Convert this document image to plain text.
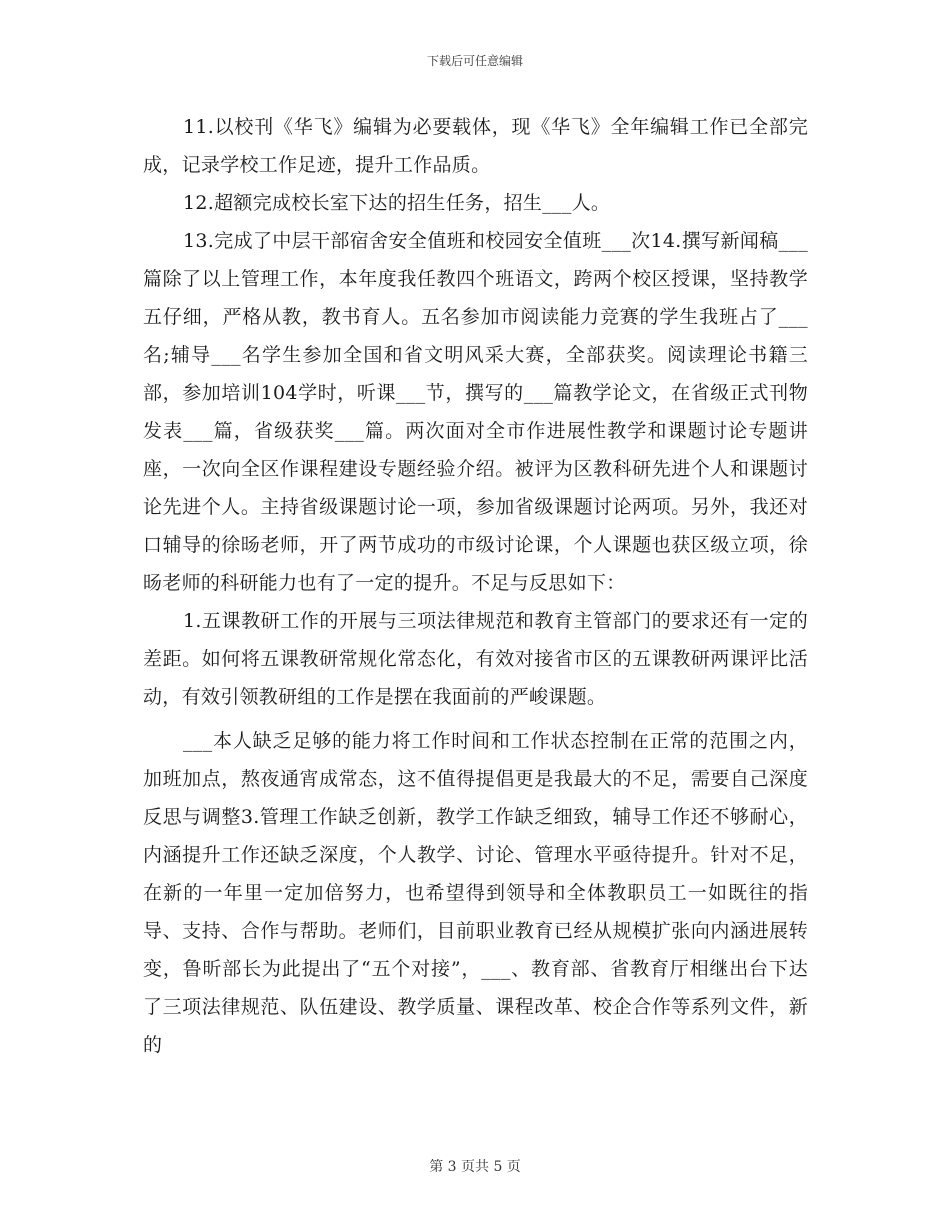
下载后可任意编辑

11.以校刊《华飞》编辑为必要载体，现《华飞》全年编辑工作已全部完成，记录学校工作足迹，提升工作品质。

12.超额完成校长室下达的招生任务，招生___人。

13.完成了中层干部宿舍安全值班和校园安全值班___次14.撰写新闻稿___篇除了以上管理工作，本年度我任教四个班语文，跨两个校区授课，坚持教学五仔细，严格从教，教书育人。五名参加市阅读能力竞赛的学生我班占了___名;辅导___名学生参加全国和省文明风采大赛，全部获奖。阅读理论书籍三部，参加培训104学时，听课___节，撰写的___篇教学论文，在省级正式刊物发表___篇，省级获奖___篇。两次面对全市作进展性教学和课题讨论专题讲座，一次向全区作课程建设专题经验介绍。被评为区教科研先进个人和课题讨论先进个人。主持省级课题讨论一项，参加省级课题讨论两项。另外，我还对口辅导的徐旸老师，开了两节成功的市级讨论课，个人课题也获区级立项，徐旸老师的科研能力也有了一定的提升。不足与反思如下：

1.五课教研工作的开展与三项法律规范和教育主管部门的要求还有一定的差距。如何将五课教研常规化常态化，有效对接省市区的五课教研两课评比活动，有效引领教研组的工作是摆在我面前的严峻课题。

___本人缺乏足够的能力将工作时间和工作状态控制在正常的范围之内，加班加点，熬夜通宵成常态，这不值得提倡更是我最大的不足，需要自己深度反思与调整3.管理工作缺乏创新，教学工作缺乏细致，辅导工作还不够耐心，内涵提升工作还缺乏深度，个人教学、讨论、管理水平亟待提升。针对不足，在新的一年里一定加倍努力，也希望得到领导和全体教职员工一如既往的指导、支持、合作与帮助。老师们，目前职业教育已经从规模扩张向内涵进展转变，鲁昕部长为此提出了“五个对接”，___、教育部、省教育厅相继出台下达了三项法律规范、队伍建设、教学质量、课程改革、校企合作等系列文件，新的

第 3 页共 5 页
